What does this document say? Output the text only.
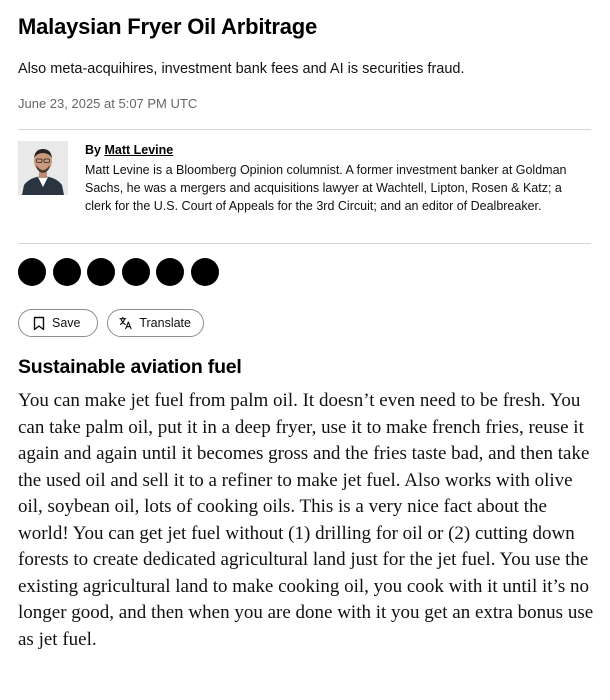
Malaysian Fryer Oil Arbitrage

Also meta-acquihires, investment bank fees and AI is securities fraud.

June 23, 2025 at 5:07 PM UTC
By Matt Levine
Matt Levine is a Bloomberg Opinion columnist. A former investment banker at Goldman Sachs, he was a mergers and acquisitions lawyer at Wachtell, Lipton, Rosen & Katz; a clerk for the U.S. Court of Appeals for the 3rd Circuit; and an editor of Dealbreaker.
Save	Translate
Sustainable aviation fuel

You can make jet fuel from palm oil. It doesn’t even need to be fresh. You can take palm oil, put it in a deep fryer, use it to make french fries, reuse it again and again until it becomes gross and the fries taste bad, and then take the used oil and sell it to a refiner to make jet fuel. Also works with olive oil, soybean oil, lots of cooking oils. This is a very nice fact about the world! You can get jet fuel without (1) drilling for oil or (2) cutting down forests to create dedicated agricultural land just for the jet fuel. You use the existing agricultural land to make cooking oil, you cook with it until it’s no longer good, and then when you are done with it you get an extra bonus use as jet fuel.
